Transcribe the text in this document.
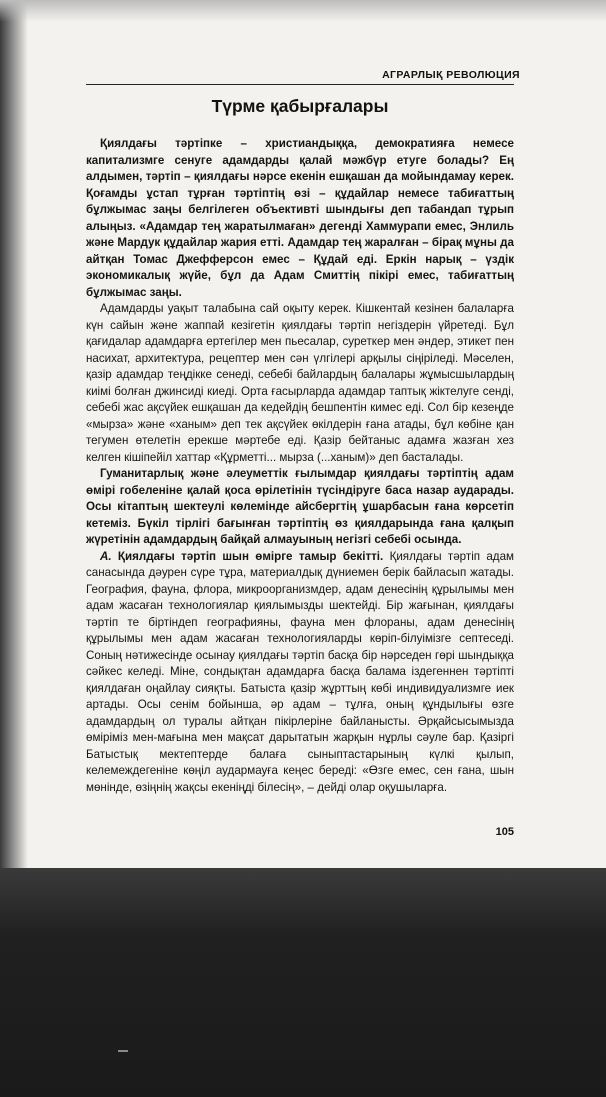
АГРАРЛЫҚ РЕВОЛЮЦИЯ
Түрме қабырғалары

Қиялдағы тәртіпке – христиандыққа, демократияға немесе капитализмге сенуге адамдарды қалай мәжбүр етуге болады? Ең алдымен, тәртіп – қиялдағы нәрсе екенін ешқашан да мойындамау керек. Қоғамды ұстап тұрған тәртіптің өзі – құдайлар немесе табиғаттың бұлжымас заңы белгілеген объективті шындығы деп табандап тұрып алыңыз. «Адамдар тең жаратылмаған» дегенді Хаммурапи емес, Энлиль және Мардук құдайлар жария етті. Адамдар тең жаралған – бірақ мұны да айтқан Томас Джефферсон емес – Құдай еді. Еркін нарық – үздік экономикалық жүйе, бұл да Адам Смиттің пікірі емес, табиғаттың бұлжымас заңы.

Адамдарды уақыт талабына сай оқыту керек. Кішкентай кезінен балаларға күн сайын және жаппай кезігетін қиялдағы тәртіп негіздерін үйретеді. Бұл қағидалар адамдарға ертегілер мен пьесалар, суреткер мен әндер, этикет пен насихат, архитектура, рецептер мен сән үлгілері арқылы сіңіріледі. Мәселен, қазір адамдар теңдікке сенеді, себебі байлардың балалары жұмысшылардың киімі болған джинсиді киеді. Орта ғасырларда адамдар таптық жіктелуге сенді, себебі жас ақсүйек ешқашан да кедейдің бешпентін кимес еді. Сол бір кезеңде «мырза» және «ханым» деп тек ақсүйек өкілдерін ғана атады, бұл көбіне қан тегумен өтелетін ерекше мәртебе еді. Қазір бейтаныс адамға жазған хез келген кішіпейіл хаттар «Құрметті... мырза (...ханым)» деп басталады.

Гуманитарлық және әлеуметтік ғылымдар қиялдағы тәртіптің адам өмірі гобеленіне қалай қоса өрілетінін түсіндіруге баса назар аударады. Осы кітаптың шектеулі көлемінде айсбергтің ұшарбасын ғана көрсетіп кетеміз. Бүкіл тірлігі бағынған тәртіптің өз қиялдарында ғана қалқып жүретінін адамдардың байқай алмауының негізгі себебі осында.

А. Қиялдағы тәртіп шын өмірге тамыр бекітті. Қиялдағы тәртіп адам санасында дәурен сүре тұра, материалдық дүниемен берік байласып жатады. География, фауна, флора, микроорганизмдер, адам денесінің құрылымы мен адам жасаған технологиялар қиялымызды шектейді. Бір жағынан, қиялдағы тәртіп те біртіндеп географияны, фауна мен флораны, адам денесінің құрылымы мен адам жасаған технологияларды көріп-білуімізге септеседі. Соның нәтижесінде осынау қиялдағы тәртіп басқа бір нәрседен гөрі шындыққа сәйкес келеді. Міне, сондықтан адамдарға басқа балама іздегеннен тәртіпті қиялдаған оңайлау сияқты. Батыста қазір жұрттың көбі индивидуализмге иек артады. Осы сенім бойынша, әр адам – тұлға, оның құндылығы өзге адамдардың ол туралы айтқан пікірлеріне байланысты. Әрқайсысымызда өміріміз мен-мағына мен мақсат дарытатын жарқын нұрлы сәуле бар. Қазіргі Батыстық мектептерде балаға сыныптастарының күлкі қылып, келемеждегеніне көңіл аудармауға кеңес береді: «Өзге емес, сен ғана, шын мөнінде, өзіңнің жақсы екеніңді білесің», – дейді олар оқушыларға.

105
